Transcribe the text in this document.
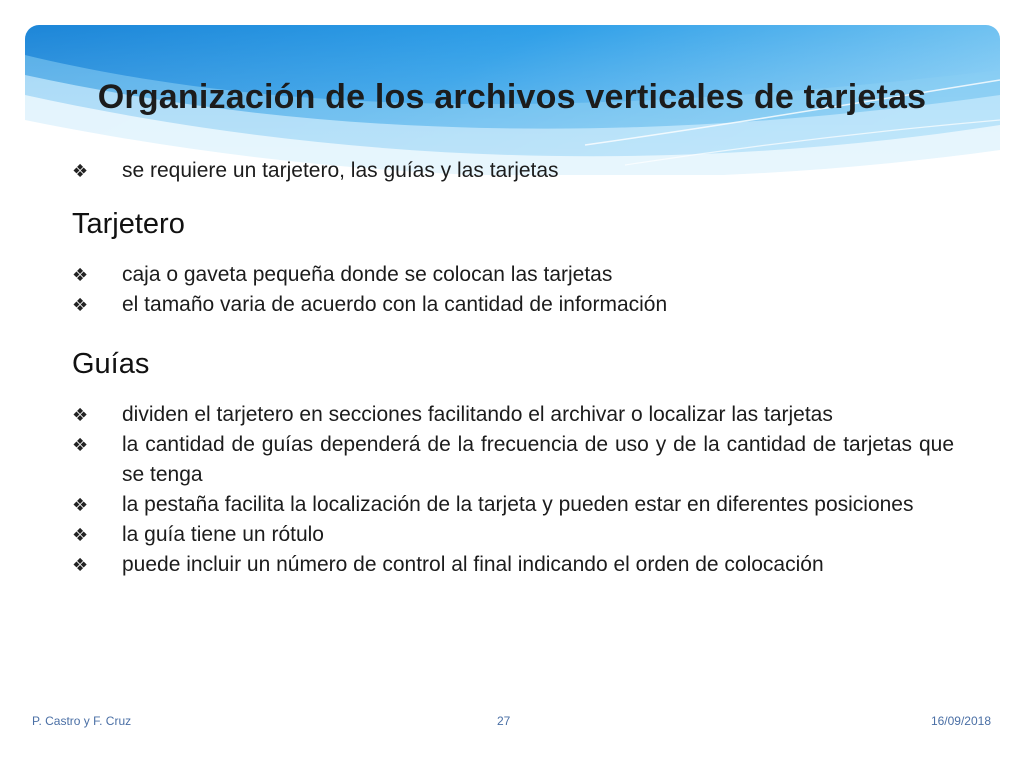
Organización de los archivos verticales de tarjetas
❖	se requiere un tarjetero, las guías y las tarjetas
Tarjetero
❖	caja o gaveta pequeña donde se colocan las tarjetas
❖	el tamaño varia de acuerdo con la cantidad de información
Guías
❖	dividen el tarjetero en secciones facilitando el archivar o localizar las tarjetas
❖	la cantidad de guías dependerá de la frecuencia de uso y de la cantidad de tarjetas que se tenga
❖	la pestaña facilita la localización de la tarjeta y pueden estar en diferentes posiciones
❖	la guía tiene un rótulo
❖	puede incluir un número de control al final indicando el orden de colocación
P. Castro y F. Cruz	27	16/09/2018
